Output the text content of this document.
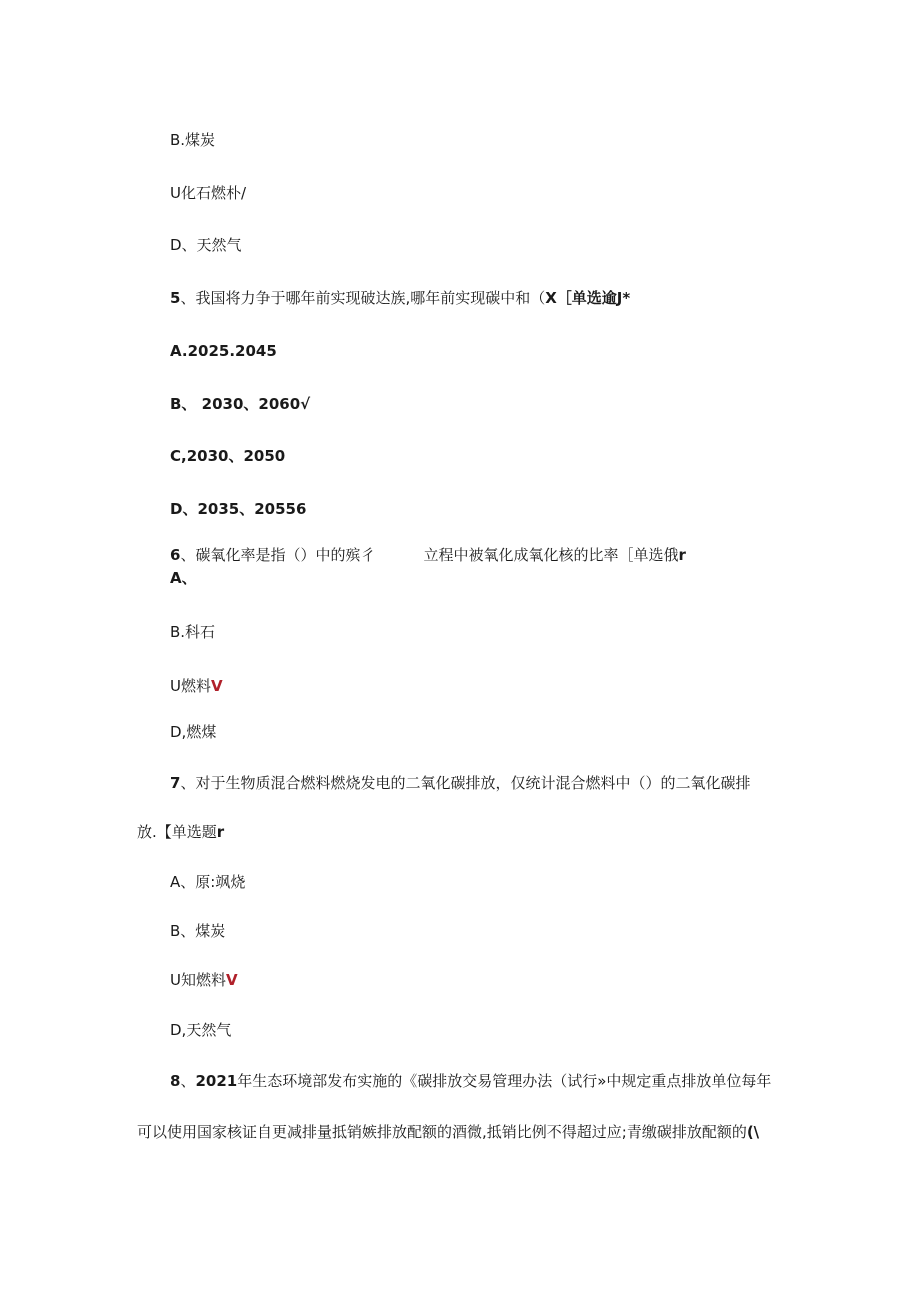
B.煤炭
U化石燃朴/
D、天然气
5、我国将力争于哪年前实现破达族,哪年前实现碳中和（X［单选逾J*
A.2025.2045
B、 2030、2060√
C,2030、2050
D、2035、20556
6、碳氧化率是指（）中的殡彳	立程中被氧化成氧化核的比率［单选俄r
A、
B.科石
U燃料V
D,燃煤
7、对于生物质混合燃料燃烧发电的二氧化碳排放，仅统计混合燃料中（）的二氧化碳排
放.【单选题r
A、原:飒烧
B、煤炭
U知燃料V
D,天然气
8、2021年生态环境部发布实施的《碳排放交易管理办法（试行»中规定重点排放单位每年
可以使用国家核证自更减排量抵销嫉排放配额的酒微,抵销比例不得超过应;青缴碳排放配额的(\
